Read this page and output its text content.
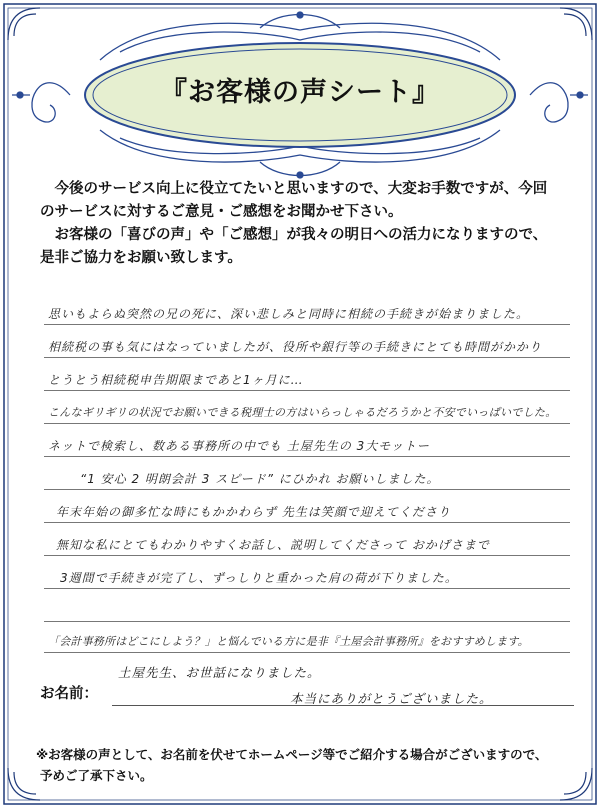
『お客様の声シート』

今後のサービス向上に役立てたいと思いますので、大変お手数ですが、今回

のサービスに対するご意見・ご感想をお聞かせ下さい。

お客様の「喜びの声」や「ご感想」が我々の明日への活力になりますので、

是非ご協力をお願い致します。

思いもよらぬ突然の兄の死に、深い悲しみと同時に相続の手続きが始まりました。
相続税の事も気にはなっていましたが、役所や銀行等の手続きにとても時間がかかり
とうとう相続税申告期限まであと1ヶ月に…
こんなギリギリの状況でお願いできる税理士の方はいらっしゃるだろうかと不安でいっぱいでした。
ネットで検索し、数ある事務所の中でも 土屋先生の 3大モットー
“1 安心 2 明朗会計 3 スピード” にひかれ お願いしました。
年末年始の御多忙な時にもかかわらず 先生は笑顔で迎えてくださり
無知な私にとてもわかりやすくお話し、説明してくださって おかげさまで
3週間で手続きが完了し、ずっしりと重かった肩の荷が下りました。
「会計事務所はどこにしよう？」と悩んでいる方に是非『土屋会計事務所』をおすすめします。
お名前：
土屋先生、お世話になりました。
本当にありがとうございました。

※お客様の声として、お名前を伏せてホームページ等でご紹介する場合がございますので、

予めご了承下さい。
